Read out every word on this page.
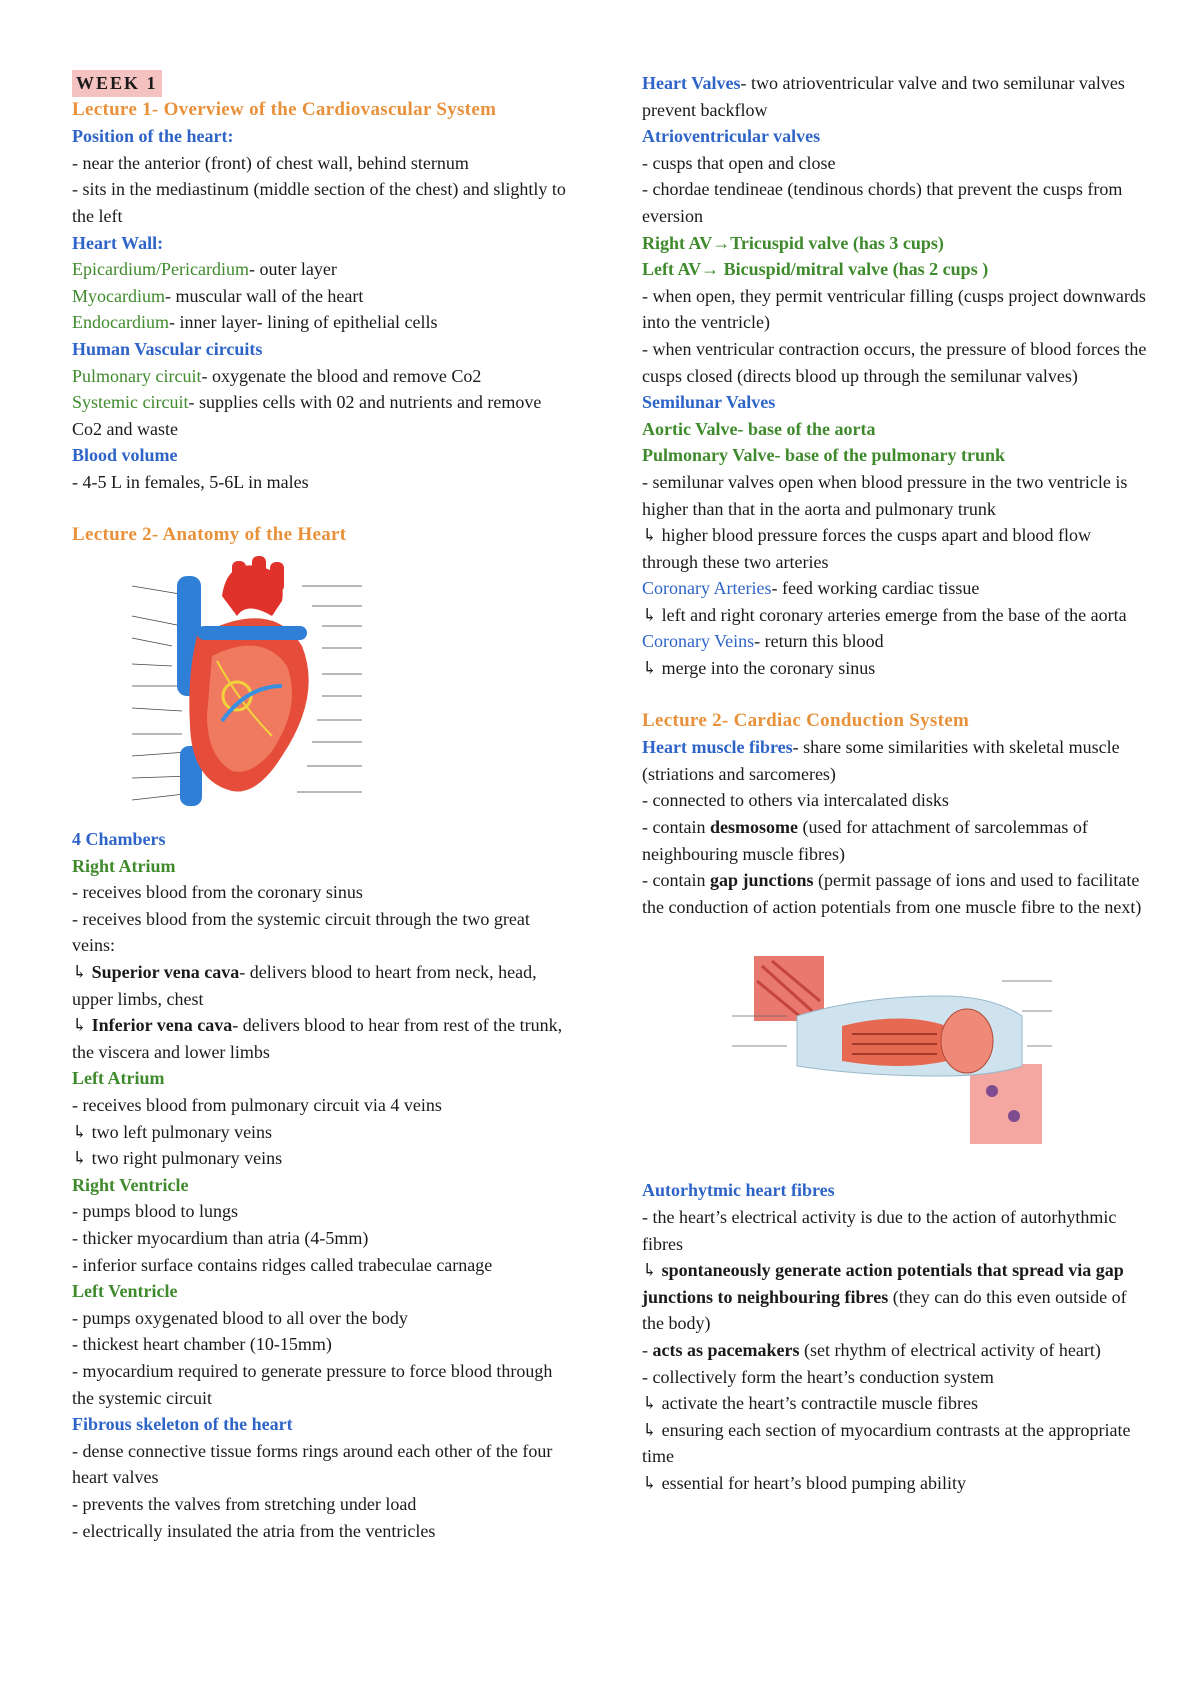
WEEK 1

Lecture 1- Overview of the Cardiovascular System

Position of the heart:

- near the anterior (front) of chest wall, behind sternum

- sits in the mediastinum (middle section of the chest) and slightly to the left

Heart Wall:

Epicardium/Pericardium- outer layer

Myocardium- muscular wall of the heart

Endocardium- inner layer- lining of epithelial cells

Human Vascular circuits

Pulmonary circuit- oxygenate the blood and remove Co2

Systemic circuit- supplies cells with 02 and nutrients and remove Co2 and waste

Blood volume

- 4-5 L in females, 5-6L in males

Lecture 2- Anatomy of the Heart

4 Chambers

Right Atrium

- receives blood from the coronary sinus

- receives blood from the systemic circuit through the two great veins:

↳ Superior vena cava- delivers blood to heart from neck, head, upper limbs, chest

↳ Inferior vena cava- delivers blood to hear from rest of the trunk, the viscera and lower limbs

Left Atrium

- receives blood from pulmonary circuit via 4 veins

↳ two left pulmonary veins

↳ two right pulmonary veins

Right Ventricle

- pumps blood to lungs

- thicker myocardium than atria (4-5mm)

- inferior surface contains ridges called trabeculae carnage

Left Ventricle

- pumps oxygenated blood to all over the body

- thickest heart chamber (10-15mm)

- myocardium required to generate pressure to force blood through the systemic circuit

Fibrous skeleton of the heart

- dense connective tissue forms rings around each other of the four heart valves

- prevents the valves from stretching under load

- electrically insulated the atria from the ventricles

Heart Valves- two atrioventricular valve and two semilunar valves prevent backflow

Atrioventricular valves

- cusps that open and close

- chordae tendineae (tendinous chords) that prevent the cusps from eversion

Right AV→Tricuspid valve (has 3 cups)

Left AV→ Bicuspid/mitral valve (has 2 cups )

- when open, they permit ventricular filling (cusps project downwards into the ventricle)

- when ventricular contraction occurs, the pressure of blood forces the cusps closed (directs blood up through the semilunar valves)

Semilunar Valves

Aortic Valve- base of the aorta

Pulmonary Valve- base of the pulmonary trunk

- semilunar valves open when blood pressure in the two ventricle is higher than that in the aorta and pulmonary trunk

↳ higher blood pressure forces the cusps apart and blood flow through these two arteries

Coronary Arteries- feed working cardiac tissue

↳ left and right coronary arteries emerge from the base of the aorta

Coronary Veins- return this blood

↳ merge into the coronary sinus

Lecture 2- Cardiac Conduction System

Heart muscle fibres- share some similarities with skeletal muscle (striations and sarcomeres)

- connected to others via intercalated disks

- contain desmosome (used for attachment of sarcolemmas of neighbouring muscle fibres)

- contain gap junctions (permit passage of ions and used to facilitate the conduction of action potentials from one muscle fibre to the next)

Autorhytmic heart fibres

- the heart’s electrical activity is due to the action of autorhythmic fibres

↳ spontaneously generate action potentials that spread via gap junctions to neighbouring fibres (they can do this even outside of the body)

- acts as pacemakers (set rhythm of electrical activity of heart)

- collectively form the heart’s conduction system

↳ activate the heart’s contractile muscle fibres

↳ ensuring each section of myocardium contrasts at the appropriate time

↳ essential for heart’s blood pumping ability
